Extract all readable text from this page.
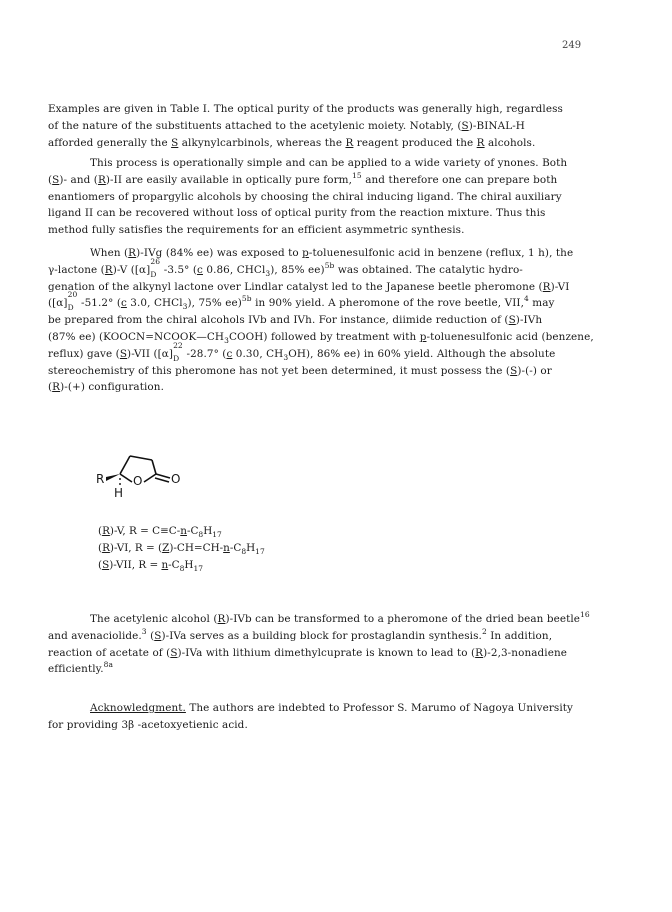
249
Examples are given in Table I. The optical purity of the products was generally high, regardless
of the nature of the substituents attached to the acetylenic moiety. Notably, (S)-BINAL-H
afforded generally the S alkynylcarbinols, whereas the R reagent produced the R alcohols.
This process is operationally simple and can be applied to a wide variety of ynones. Both
(S)- and (R)-II are easily available in optically pure form,$^{15}$ and therefore one can prepare both
enantiomers of propargylic alcohols by choosing the chiral inducing ligand. The chiral auxiliary
ligand II can be recovered without loss of optical purity from the reaction mixture. Thus this
method fully satisfies the requirements for an efficient asymmetric synthesis.
When (R)-IVg (84% ee) was exposed to p-toluenesulfonic acid in benzene (reflux, 1 h), the
γ-lactone (R)-V ([α]
26
D -3.5° (c 0.86, CHCl$_3$), 85% ee)$^{5b}$ was obtained. The catalytic hydro-
genation of the alkynyl lactone over Lindlar catalyst led to the Japanese beetle pheromone (R)-VI
([α]
20
D -51.2° (c 3.0, CHCl$_3$), 75% ee)$^{5b}$ in 90% yield. A pheromone of the rove beetle, VII,$^4$ may
be prepared from the chiral alcohols IVb and IVh. For instance, diimide reduction of (S)-IVh
(87% ee) $(KOOCN=NCOOK—CH_3COOH)$ followed by treatment with p-toluenesulfonic acid (benzene,
reflux) gave (S)-VII ([α]
22
D -28.7° (c 0.30, $CH_3OH$), 86% ee) in 60% yield. Although the absolute
stereochemistry of this pheromone has not yet been determined, it must possess the (S)-(-) or
(R)-(+) configuration.
R O O
H
(R)-V, $R = C\equiv C-n-C_8H_{17}$
(R)-VI, $R = (Z)-CH=CH-n-C_8H_{17}$
(S)-VII, $R = n-C_8H_{17}$
The acetylenic alcohol (R)-IVb can be transformed to a pheromone of the dried bean beetle$^{16}$
and avenaciolide.$^3$ (S)-IVa serves as a building block for prostaglandin synthesis.$^2$ In addition,
reaction of acetate of (S)-IVa with lithium dimethylcuprate is known to lead to (R)-2,3-nonadiene
efficiently.$^{8a}$
Acknowledgment. The authors are indebted to Professor S. Marumo of Nagoya University
for providing 3β -acetoxyetienic acid.
